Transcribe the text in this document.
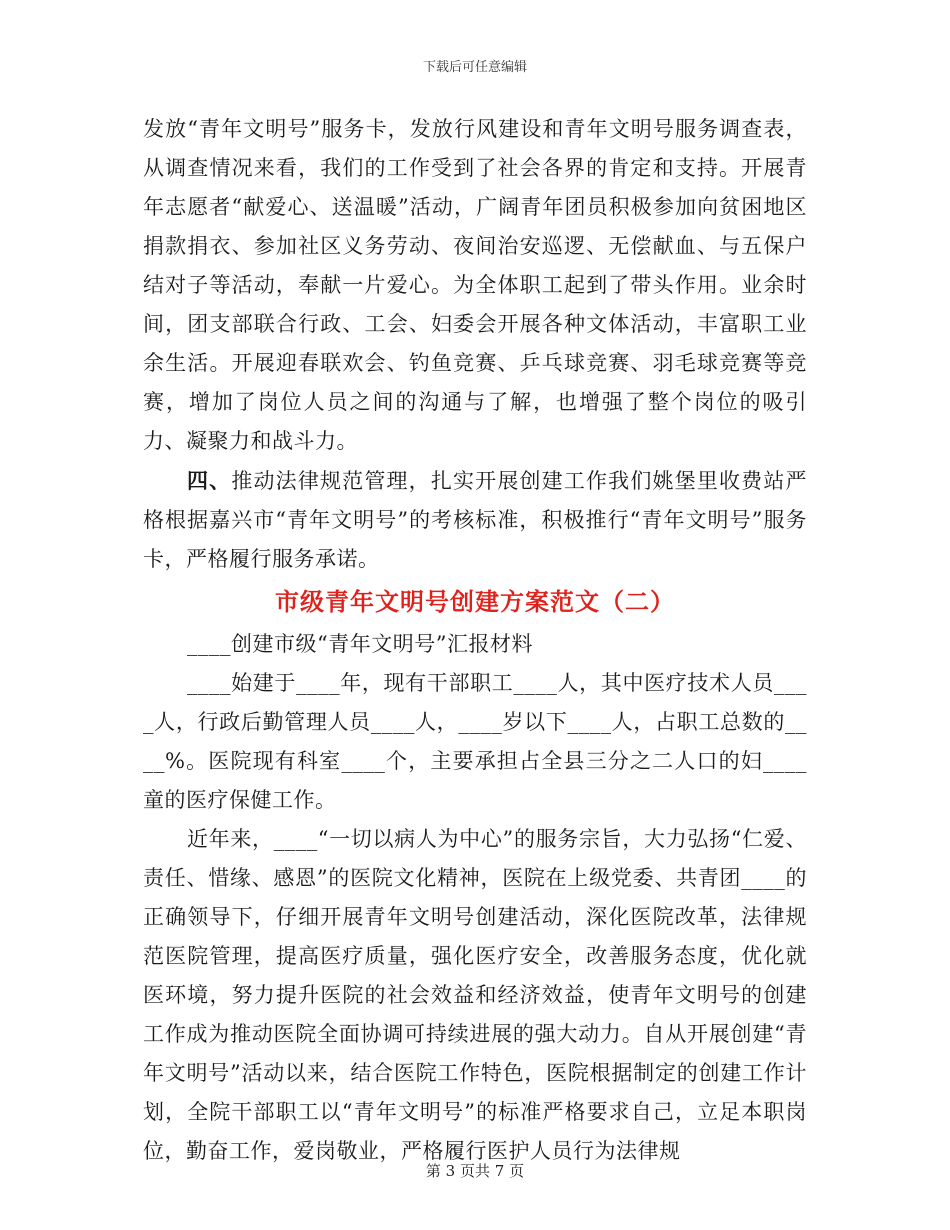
下载后可任意编辑

发放“青年文明号”服务卡，发放行风建设和青年文明号服务调查表，从调查情况来看，我们的工作受到了社会各界的肯定和支持。开展青年志愿者“献爱心、送温暖”活动，广阔青年团员积极参加向贫困地区捐款捐衣、参加社区义务劳动、夜间治安巡逻、无偿献血、与五保户结对子等活动，奉献一片爱心。为全体职工起到了带头作用。业余时间，团支部联合行政、工会、妇委会开展各种文体活动，丰富职工业余生活。开展迎春联欢会、钓鱼竞赛、乒乓球竞赛、羽毛球竞赛等竞赛，增加了岗位人员之间的沟通与了解，也增强了整个岗位的吸引力、凝聚力和战斗力。

四、推动法律规范管理，扎实开展创建工作我们姚堡里收费站严格根据嘉兴市“青年文明号”的考核标准，积极推行“青年文明号”服务卡，严格履行服务承诺。

市级青年文明号创建方案范文（二）

____创建市级“青年文明号”汇报材料

____始建于____年，现有干部职工____人，其中医疗技术人员____人，行政后勤管理人员____人，____岁以下____人，占职工总数的____%。医院现有科室____个，主要承担占全县三分之二人口的妇____童的医疗保健工作。

近年来，____“一切以病人为中心”的服务宗旨，大力弘扬“仁爱、责任、惜缘、感恩”的医院文化精神，医院在上级党委、共青团____的正确领导下，仔细开展青年文明号创建活动，深化医院改革，法律规范医院管理，提高医疗质量，强化医疗安全，改善服务态度，优化就医环境，努力提升医院的社会效益和经济效益，使青年文明号的创建工作成为推动医院全面协调可持续进展的强大动力。自从开展创建“青年文明号”活动以来，结合医院工作特色，医院根据制定的创建工作计划，全院干部职工以“青年文明号”的标准严格要求自己，立足本职岗位，勤奋工作，爱岗敬业，严格履行医护人员行为法律规

第 3 页共 7 页
